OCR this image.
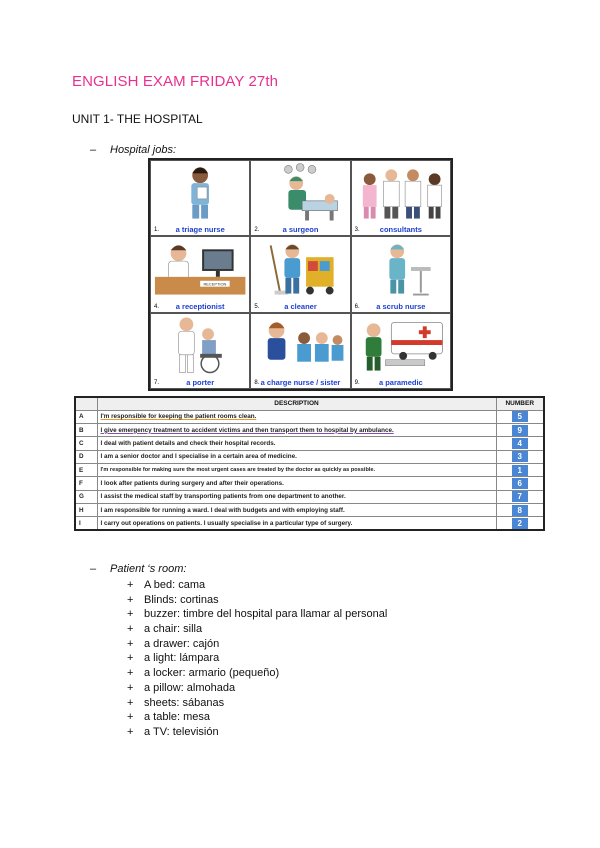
ENGLISH EXAM FRIDAY 27th
UNIT 1- THE HOSPITAL
– Hospital jobs:
1.	a triage nurse	2.	a surgeon	3.	consultants
RECEPTION
4.	a receptionist	5.	a cleaner	6.	a scrub nurse
7.	a porter	8. a charge nurse / sister	9.	a paramedic
	DESCRIPTION	NUMBER
A	I'm responsible for keeping the patient rooms clean.	5
B	I give emergency treatment to accident victims and then transport them to hospital by ambulance.	9
C	I deal with patient details and check their hospital records.	4
D	I am a senior doctor and I specialise in a certain area of medicine.	3
E	I'm responsible for making sure the most urgent cases are treated by the doctor as quickly as possible.	1
F	I look after patients during surgery and after their operations.	6
G	I assist the medical staff by transporting patients from one department to another.	7
H	I am responsible for running a ward. I deal with budgets and with employing staff.	8
I	I carry out operations on patients. I usually specialise in a particular type of surgery.	2
– Patient ‘s room:
+ A bed: cama
+ Blinds: cortinas
+ buzzer: timbre del hospital para llamar al personal
+ a chair: silla
+ a drawer: cajón
+ a light: lámpara
+ a locker: armario (pequeño)
+ a pillow: almohada
+ sheets: sábanas
+ a table: mesa
+ a TV: televisión
